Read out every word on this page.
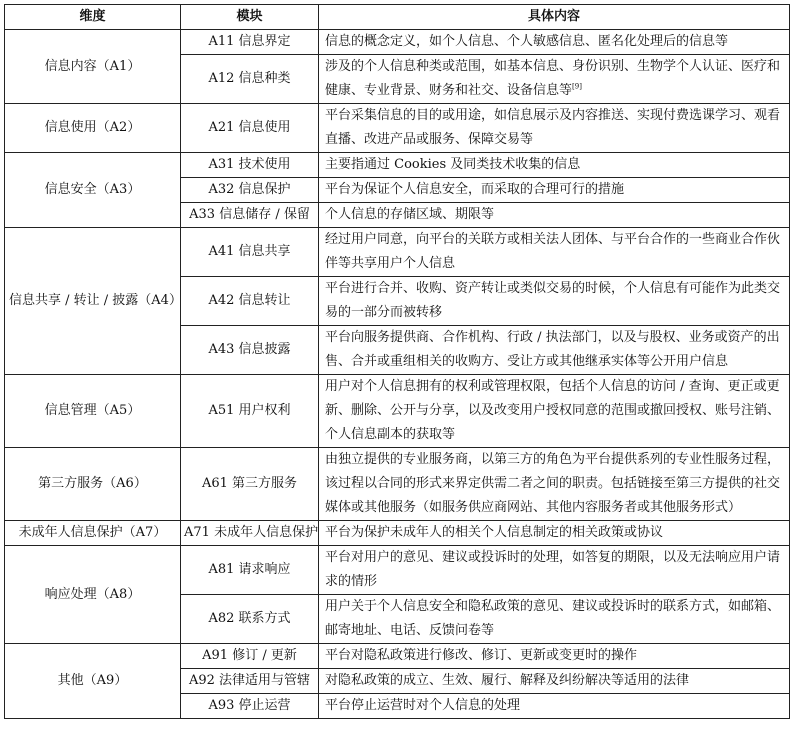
维度	模块	具体内容
信息内容（A1）	A11 信息界定	信息的概念定义，如个人信息、个人敏感信息、匿名化处理后的信息等
	A12 信息种类	涉及的个人信息种类或范围，如基本信息、身份识别、生物学个人认证、医疗和健康、专业背景、财务和社交、设备信息等[9]
信息使用（A2）	A21 信息使用	平台采集信息的目的或用途，如信息展示及内容推送、实现付费选课学习、观看直播、改进产品或服务、保障交易等
信息安全（A3）	A31 技术使用	主要指通过 Cookies 及同类技术收集的信息
	A32 信息保护	平台为保证个人信息安全，而采取的合理可行的措施
	A33 信息储存 / 保留	个人信息的存储区域、期限等
信息共享 / 转让 / 披露（A4）	A41 信息共享	经过用户同意，向平台的关联方或相关法人团体、与平台合作的一些商业合作伙伴等共享用户个人信息
	A42 信息转让	平台进行合并、收购、资产转让或类似交易的时候，个人信息有可能作为此类交易的一部分而被转移
	A43 信息披露	平台向服务提供商、合作机构、行政 / 执法部门，以及与股权、业务或资产的出售、合并或重组相关的收购方、受让方或其他继承实体等公开用户信息
信息管理（A5）	A51 用户权利	用户对个人信息拥有的权利或管理权限，包括个人信息的访问 / 查询、更正或更新、删除、公开与分享，以及改变用户授权同意的范围或撤回授权、账号注销、个人信息副本的获取等
第三方服务（A6）	A61 第三方服务	由独立提供的专业服务商，以第三方的角色为平台提供系列的专业性服务过程，该过程以合同的形式来界定供需二者之间的职责。包括链接至第三方提供的社交媒体或其他服务（如服务供应商网站、其他内容服务者或其他服务形式）
未成年人信息保护（A7）	A71 未成年人信息保护	平台为保护未成年人的相关个人信息制定的相关政策或协议
响应处理（A8）	A81 请求响应	平台对用户的意见、建议或投诉时的处理，如答复的期限，以及无法响应用户请求的情形
	A82 联系方式	用户关于个人信息安全和隐私政策的意见、建议或投诉时的联系方式，如邮箱、邮寄地址、电话、反馈问卷等
其他（A9）	A91 修订 / 更新	平台对隐私政策进行修改、修订、更新或变更时的操作
	A92 法律适用与管辖	对隐私政策的成立、生效、履行、解释及纠纷解决等适用的法律
	A93 停止运营	平台停止运营时对个人信息的处理
